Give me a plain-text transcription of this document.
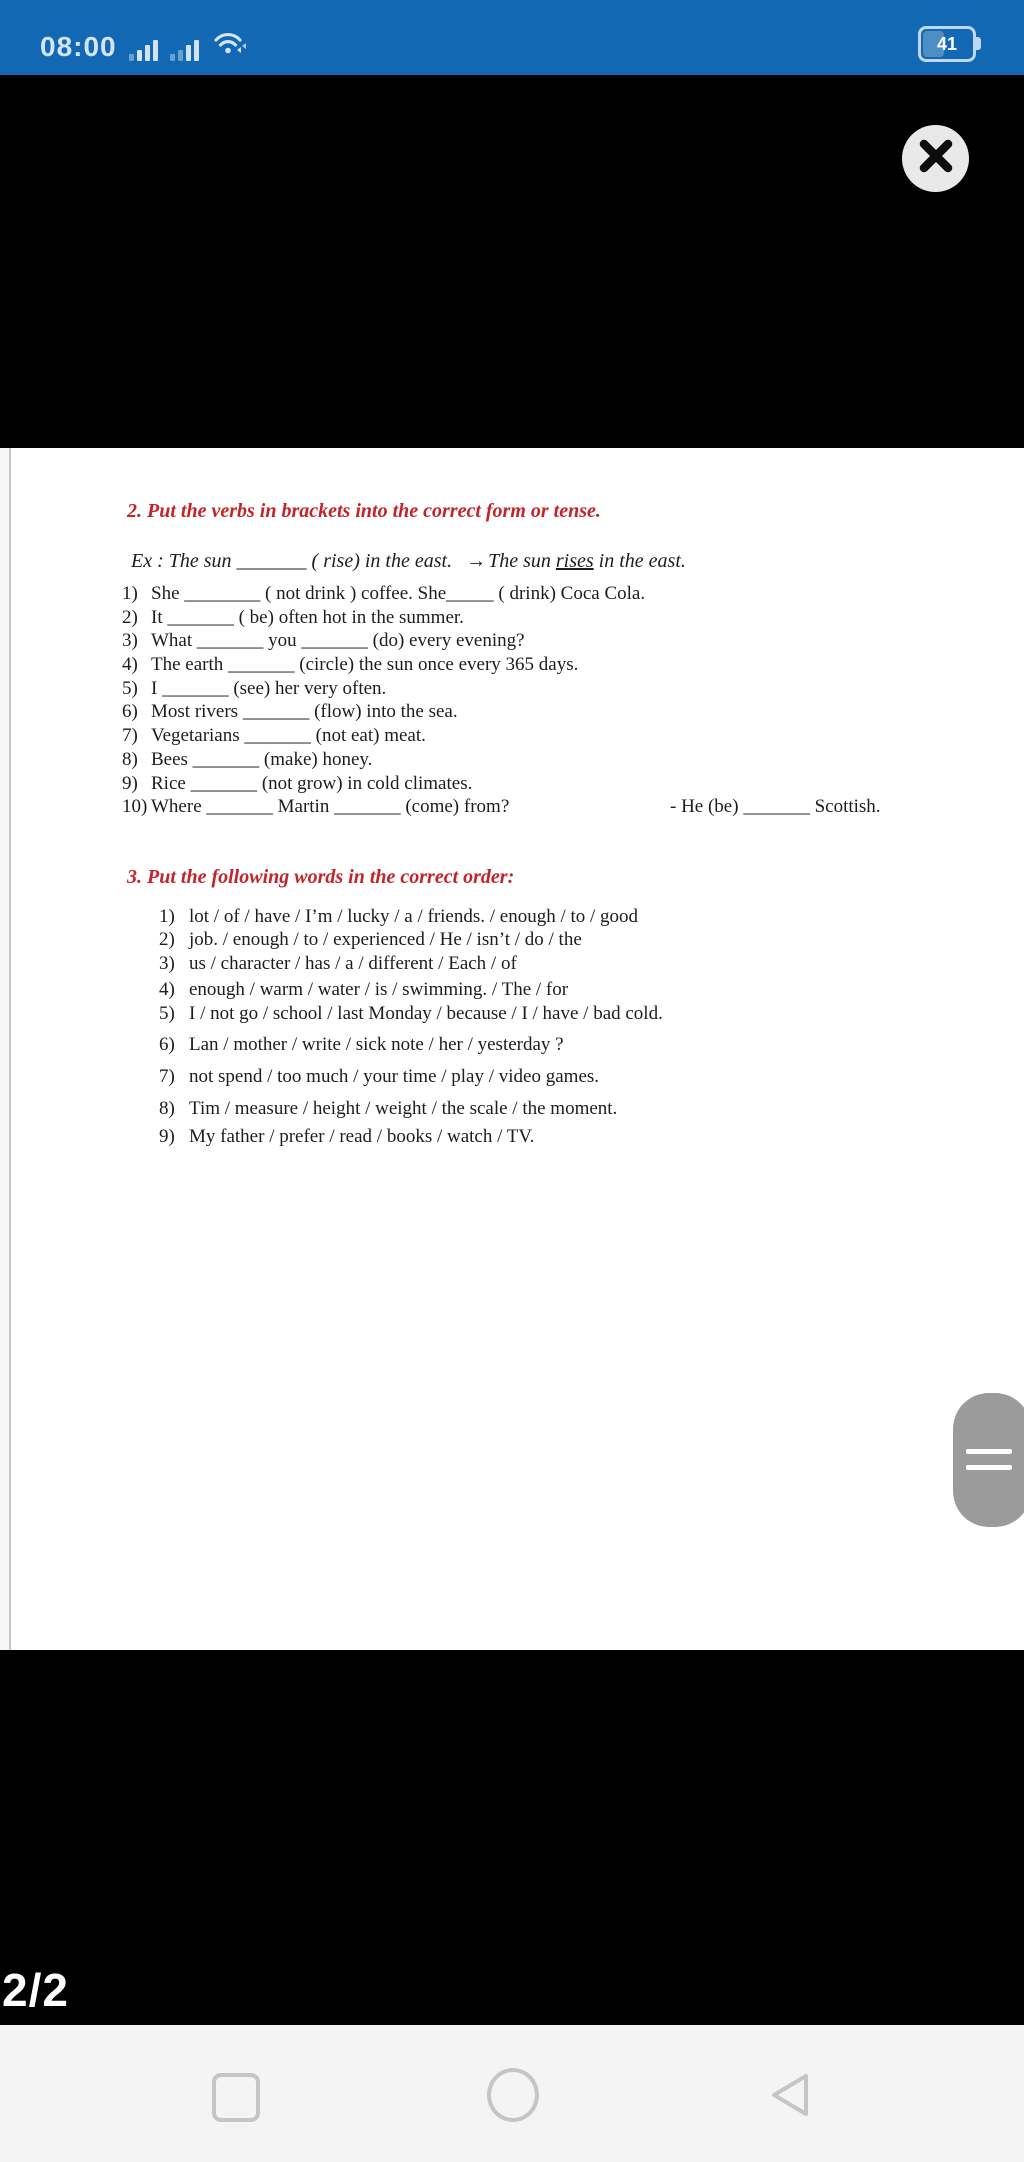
08:00	41
2. Put the verbs in brackets into the correct form or tense.
Ex : The sun _______ ( rise) in the east. → The sun rises in the east.
1) She ________ ( not drink ) coffee. She_____ ( drink) Coca Cola.
2) It _______ ( be) often hot in the summer.
3) What _______ you _______ (do) every evening?
4) The earth _______ (circle) the sun once every 365 days.
5) I _______ (see) her very often.
6) Most rivers _______ (flow) into the sea.
7) Vegetarians _______ (not eat) meat.
8) Bees _______ (make) honey.
9) Rice _______ (not grow) in cold climates.
10) Where _______ Martin _______ (come) from?	- He (be) _______ Scottish.
3. Put the following words in the correct order:
1) lot / of / have / I’m / lucky / a / friends. / enough / to / good
2) job. / enough / to / experienced / He / isn’t / do / the
3) us / character / has / a / different / Each / of
4) enough / warm / water / is / swimming. / The / for
5) I / not go / school / last Monday / because / I / have / bad cold.
6) Lan / mother / write / sick note / her / yesterday ?
7) not spend / too much / your time / play / video games.
8) Tim / measure / height / weight / the scale / the moment.
9) My father / prefer / read / books / watch / TV.
2/2
